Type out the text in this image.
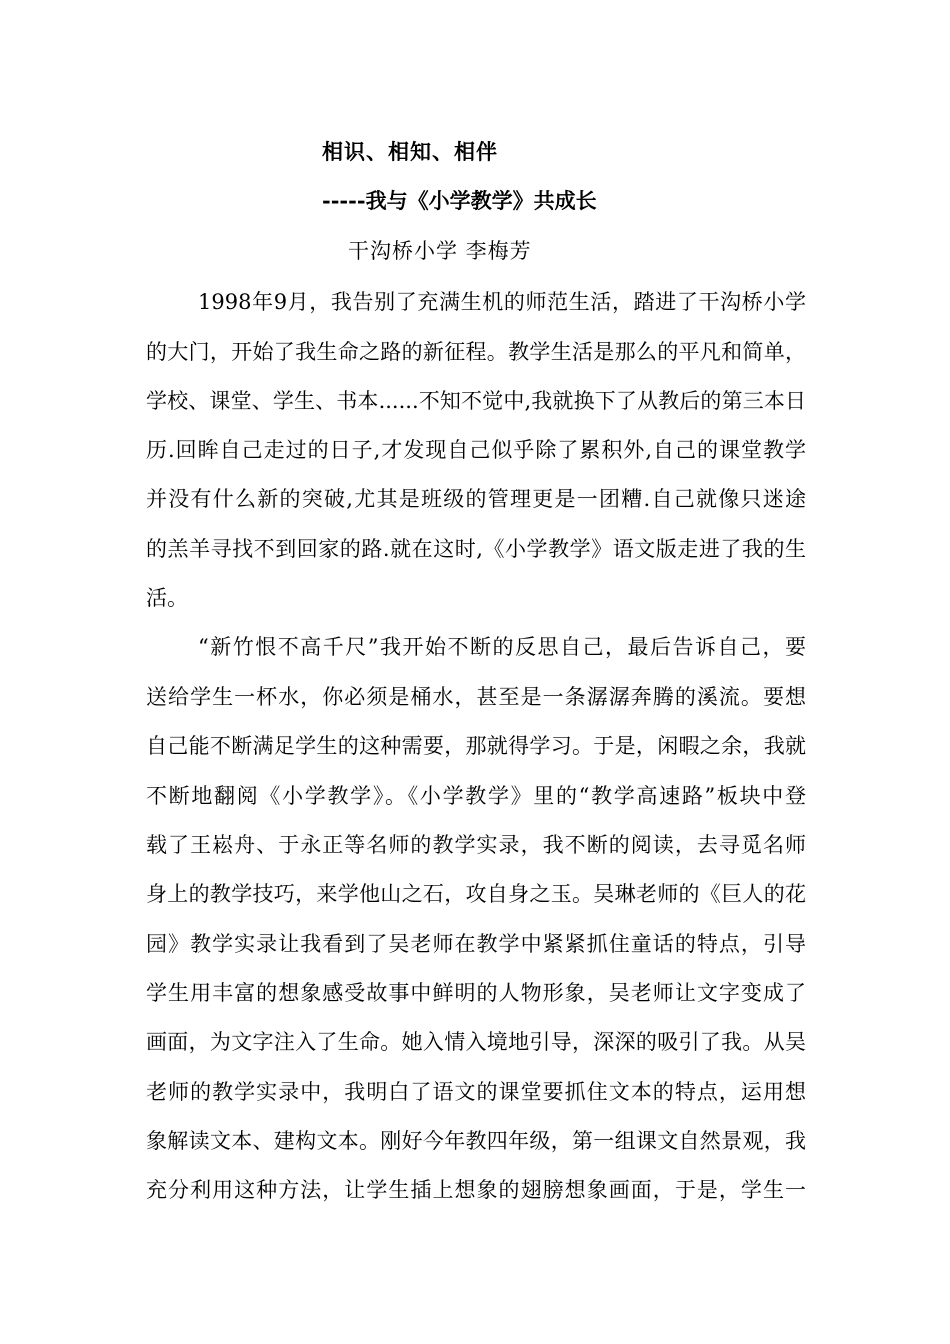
相识、相知、相伴
-----我与《小学教学》共成长
干沟桥小学 李梅芳
1998年9月，我告别了充满生机的师范生活，踏进了干沟桥小学
的大门，开始了我生命之路的新征程。教学生活是那么的平凡和简单，
学校、课堂、学生、书本......不知不觉中,我就换下了从教后的第三本日
历.回眸自己走过的日子,才发现自己似乎除了累积外,自己的课堂教学
并没有什么新的突破,尤其是班级的管理更是一团糟.自己就像只迷途
的羔羊寻找不到回家的路.就在这时,《小学教学》语文版走进了我的生
活。
“新竹恨不高千尺”我开始不断的反思自己，最后告诉自己，要
送给学生一杯水，你必须是桶水，甚至是一条潺潺奔腾的溪流。要想
自己能不断满足学生的这种需要，那就得学习。于是，闲暇之余，我就
不断地翻阅《小学教学》。《小学教学》里的“教学高速路”板块中登
载了王崧舟、于永正等名师的教学实录，我不断的阅读，去寻觅名师
身上的教学技巧，来学他山之石，攻自身之玉。吴琳老师的《巨人的花
园》教学实录让我看到了吴老师在教学中紧紧抓住童话的特点，引导
学生用丰富的想象感受故事中鲜明的人物形象，吴老师让文字变成了
画面，为文字注入了生命。她入情入境地引导，深深的吸引了我。从吴
老师的教学实录中，我明白了语文的课堂要抓住文本的特点，运用想
象解读文本、建构文本。刚好今年教四年级，第一组课文自然景观，我
充分利用这种方法，让学生插上想象的翅膀想象画面，于是，学生一
